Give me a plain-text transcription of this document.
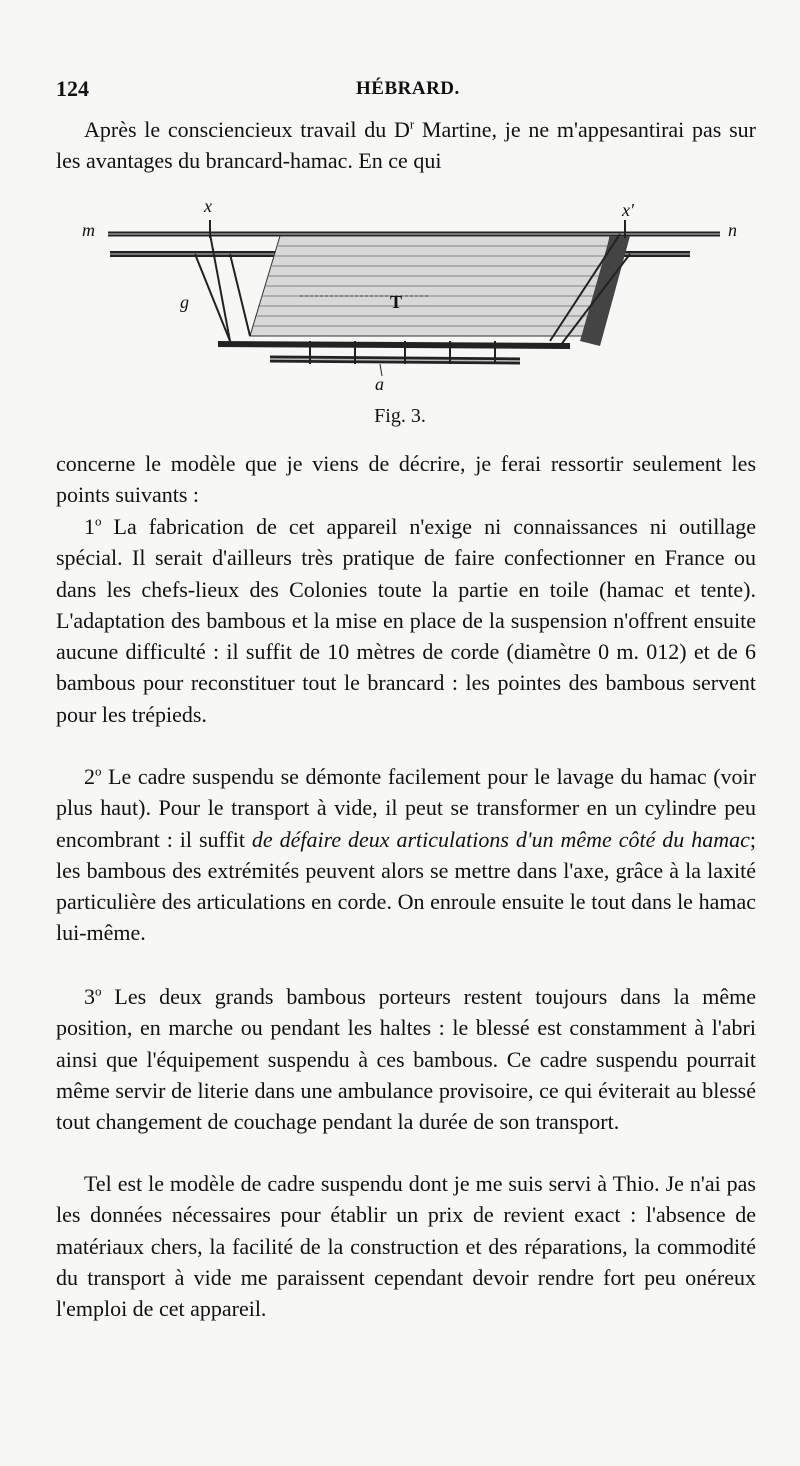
124	HÉBRARD.

Après le consciencieux travail du $D^r$ Martine, je ne m'appesantirai pas sur les avantages du brancard-hamac. En ce qui

x	x'
m	n
g	T
a
Fig. 3.

concerne le modèle que je viens de décrire, je ferai ressortir seulement les points suivants :

1$^o$ La fabrication de cet appareil n'exige ni connaissances ni outillage spécial. Il serait d'ailleurs très pratique de faire confectionner en France ou dans les chefs-lieux des Colonies toute la partie en toile (hamac et tente). L'adaptation des bambous et la mise en place de la suspension n'offrent ensuite aucune difficulté : il suffit de 10 mètres de corde (diamètre 0 m. 012) et de 6 bambous pour reconstituer tout le brancard : les pointes des bambous servent pour les trépieds.

2$^o$ Le cadre suspendu se démonte facilement pour le lavage du hamac (voir plus haut). Pour le transport à vide, il peut se transformer en un cylindre peu encombrant : il suffit de défaire deux articulations d'un même côté du hamac; les bambous des extrémités peuvent alors se mettre dans l'axe, grâce à la laxité particulière des articulations en corde. On enroule ensuite le tout dans le hamac lui-même.

3$^o$ Les deux grands bambous porteurs restent toujours dans la même position, en marche ou pendant les haltes : le blessé est constamment à l'abri ainsi que l'équipement suspendu à ces bambous. Ce cadre suspendu pourrait même servir de literie dans une ambulance provisoire, ce qui éviterait au blessé tout changement de couchage pendant la durée de son transport.

Tel est le modèle de cadre suspendu dont je me suis servi à Thio. Je n'ai pas les données nécessaires pour établir un prix de revient exact : l'absence de matériaux chers, la facilité de la construction et des réparations, la commodité du transport à vide me paraissent cependant devoir rendre fort peu onéreux l'emploi de cet appareil.
